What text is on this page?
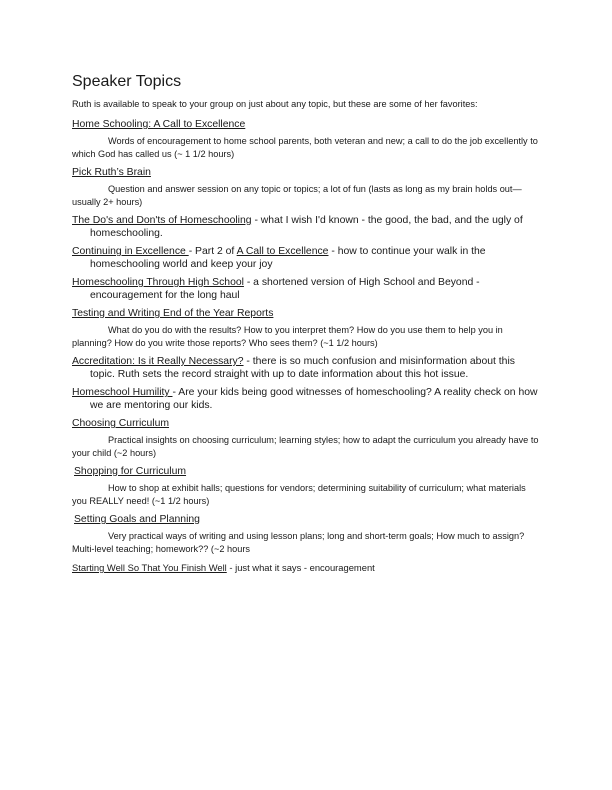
Speaker Topics

Ruth is available to speak to your group on just about any topic, but these are some of her favorites:

Home Schooling: A Call to Excellence

Words of encouragement to home school parents, both veteran and new; a call to do the job excellently to which God has called us (~ 1 1/2 hours)

Pick Ruth’s Brain

Question and answer session on any topic or topics; a lot of fun (lasts as long as my brain holds out—usually 2+ hours)

The Do's and Don'ts of Homeschooling - what I wish I'd known - the good, the bad, and the ugly of homeschooling.

Continuing in Excellence - Part 2 of A Call to Excellence - how to continue your walk in the homeschooling world and keep your joy

Homeschooling Through High School - a shortened version of High School and Beyond - encouragement for the long haul

Testing and Writing End of the Year Reports

What do you do with the results? How to you interpret them? How do you use them to help you in planning? How do you write those reports? Who sees them? (~1 1/2 hours)

Accreditation: Is it Really Necessary? - there is so much confusion and misinformation about this topic. Ruth sets the record straight with up to date information about this hot issue.

Homeschool Humility - Are your kids being good witnesses of homeschooling? A reality check on how we are mentoring our kids.

Choosing Curriculum

Practical insights on choosing curriculum; learning styles; how to adapt the curriculum you already have to your child (~2 hours)

Shopping for Curriculum

How to shop at exhibit halls; questions for vendors; determining suitability of curriculum; what materials you REALLY need! (~1 1/2 hours)

Setting Goals and Planning

Very practical ways of writing and using lesson plans; long and short-term goals; How much to assign? Multi-level teaching; homework?? (~2 hours

Starting Well So That You Finish Well - just what it says - encouragement
